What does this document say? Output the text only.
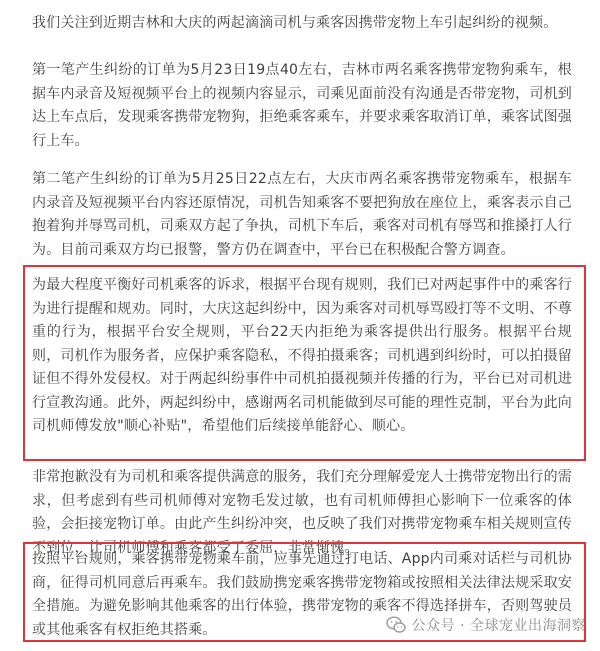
我们关注到近期吉林和大庆的两起滴滴司机与乘客因携带宠物上车引起纠纷的视频。

第一笔产生纠纷的订单为5月23日19点40左右，吉林市两名乘客携带宠物狗乘车，根据车内录音及短视频平台上的视频内容显示，司乘见面前没有沟通是否带宠物，司机到达上车点后，发现乘客携带宠物狗，拒绝乘客乘车，并要求乘客取消订单，乘客试图强行上车。

第二笔产生纠纷的订单为5月25日22点左右，大庆市两名乘客携带宠物乘车，根据车内录音及短视频平台内容还原情况，司机告知乘客不要把狗放在座位上，乘客表示自己抱着狗并辱骂司机，司乘双方起了争执，司机下车后，乘客对司机有辱骂和推搡打人行为。目前司乘双方均已报警，警方仍在调查中，平台已在积极配合警方调查。

为最大程度平衡好司机乘客的诉求，根据平台现有规则，我们已对两起事件中的乘客行为进行提醒和规劝。同时，大庆这起纠纷中，因为乘客对司机辱骂殴打等不文明、不尊重的行为，根据平台安全规则，平台22天内拒绝为乘客提供出行服务。根据平台规则，司机作为服务者，应保护乘客隐私，不得拍摄乘客；司机遇到纠纷时，可以拍摄留证但不得外发侵权。对于两起纠纷事件中司机拍摄视频并传播的行为，平台已对司机进行宣教沟通。此外，两起纠纷中，感谢两名司机能做到尽可能的理性克制，平台为此向司机师傅发放"顺心补贴"，希望他们后续接单能舒心、顺心。

非常抱歉没有为司机和乘客提供满意的服务，我们充分理解爱宠人士携带宠物出行的需求，但考虑到有些司机师傅对宠物毛发过敏，也有司机师傅担心影响下一位乘客的体验，会拒接宠物订单。由此产生纠纷冲突，也反映了我们对携带宠物乘车相关规则宣传不到位，让司机师傅和乘客都受了委屈，非常惭愧。

按照平台规则，乘客携带宠物乘车前，应事先通过打电话、App内司乘对话栏与司机协商，征得司机同意后再乘车。我们鼓励携宠乘客携带宠物箱或按照相关法律法规采取安全措施。为避免影响其他乘客的出行体验，携带宠物的乘客不得选择拼车，否则驾驶员或其他乘客有权拒绝其搭乘。	公众号 · 全球宠业出海洞察
